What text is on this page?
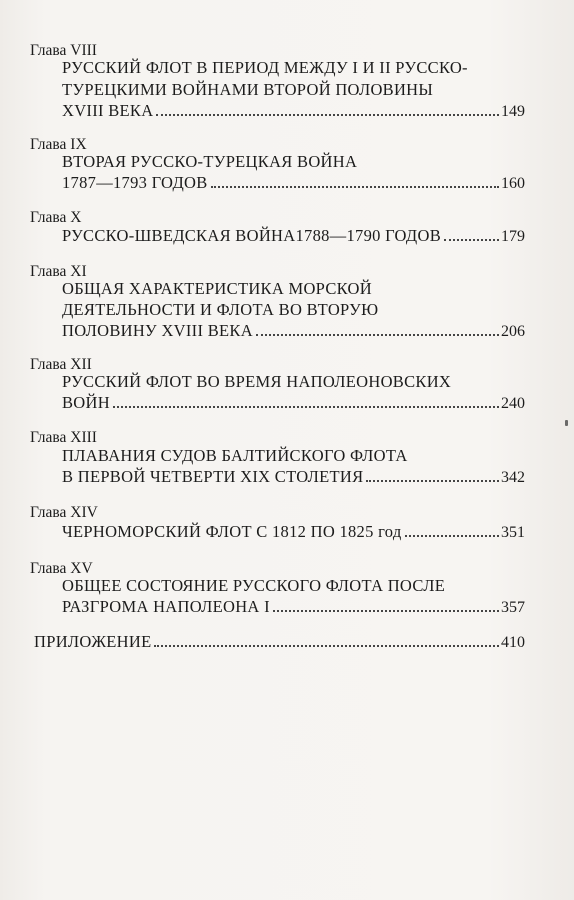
Глава VIII
РУССКИЙ ФЛОТ В ПЕРИОД МЕЖДУ I И II РУССКО-
ТУРЕЦКИМИ ВОЙНАМИ ВТОРОЙ ПОЛОВИНЫ
XVIII ВЕКА	149
Глава IX
ВТОРАЯ РУССКО-ТУРЕЦКАЯ ВОЙНА
1787—1793 ГОДОВ	160
Глава X
РУССКО-ШВЕДСКАЯ ВОЙНА1788—1790 ГОДОВ	179
Глава XI
ОБЩАЯ ХАРАКТЕРИСТИКА МОРСКОЙ
ДЕЯТЕЛЬНОСТИ И ФЛОТА ВО ВТОРУЮ
ПОЛОВИНУ XVIII ВЕКА	206
Глава XII
РУССКИЙ ФЛОТ ВО ВРЕМЯ НАПОЛЕОНОВСКИХ
ВОЙН	240
Глава XIII
ПЛАВАНИЯ СУДОВ БАЛТИЙСКОГО ФЛОТА
В ПЕРВОЙ ЧЕТВЕРТИ XIX СТОЛЕТИЯ	342
Глава XIV
ЧЕРНОМОРСКИЙ ФЛОТ С 1812 ПО 1825 год	351
Глава XV
ОБЩЕЕ СОСТОЯНИЕ РУССКОГО ФЛОТА ПОСЛЕ
РАЗГРОМА НАПОЛЕОНА I	357
ПРИЛОЖЕНИЕ	410
